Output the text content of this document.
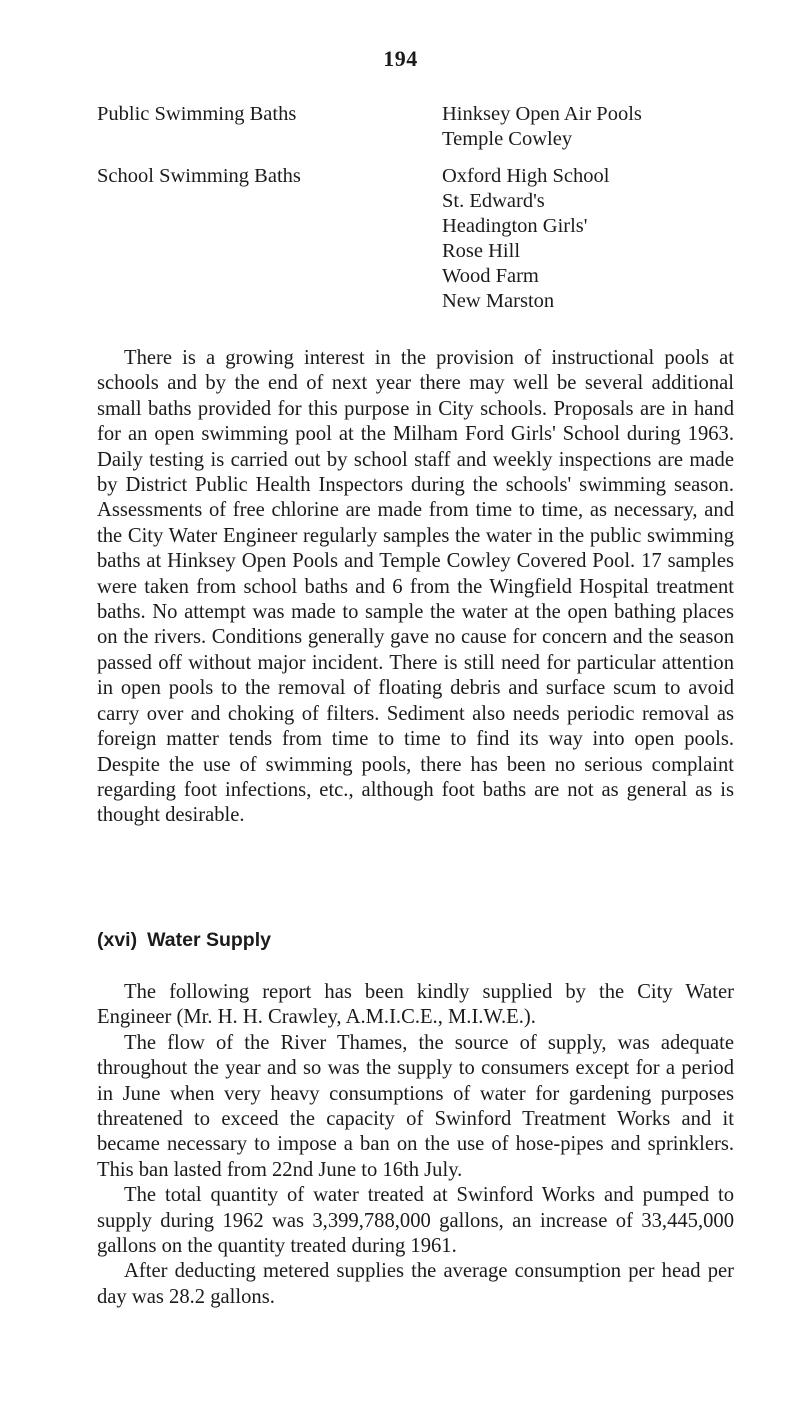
194
Public Swimming Baths	Hinksey Open Air Pools
Temple Cowley
School Swimming Baths	Oxford High School
St. Edward's
Headington Girls'
Rose Hill
Wood Farm
New Marston

There is a growing interest in the provision of instructional pools at schools and by the end of next year there may well be several additional small baths provided for this purpose in City schools. Proposals are in hand for an open swimming pool at the Milham Ford Girls' School during 1963. Daily testing is carried out by school staff and weekly inspections are made by District Public Health Inspectors during the schools' swimming season. Assessments of free chlorine are made from time to time, as necessary, and the City Water Engineer regularly samples the water in the public swimming baths at Hinksey Open Pools and Temple Cowley Covered Pool. 17 samples were taken from school baths and 6 from the Wingfield Hospital treatment baths. No attempt was made to sample the water at the open bathing places on the rivers. Conditions generally gave no cause for concern and the season passed off without major incident. There is still need for particular attention in open pools to the removal of floating debris and surface scum to avoid carry over and choking of filters. Sediment also needs periodic removal as foreign matter tends from time to time to find its way into open pools. Despite the use of swimming pools, there has been no serious complaint regarding foot infections, etc., although foot baths are not as general as is thought desirable.

(xvi) Water Supply

The following report has been kindly supplied by the City Water Engineer (Mr. H. H. Crawley, A.M.I.C.E., M.I.W.E.).

The flow of the River Thames, the source of supply, was adequate throughout the year and so was the supply to consumers except for a period in June when very heavy consumptions of water for gardening purposes threatened to exceed the capacity of Swinford Treatment Works and it became necessary to impose a ban on the use of hose-pipes and sprinklers. This ban lasted from 22nd June to 16th July.

The total quantity of water treated at Swinford Works and pumped to supply during 1962 was 3,399,788,000 gallons, an increase of 33,445,000 gallons on the quantity treated during 1961.

After deducting metered supplies the average consumption per head per day was 28.2 gallons.
